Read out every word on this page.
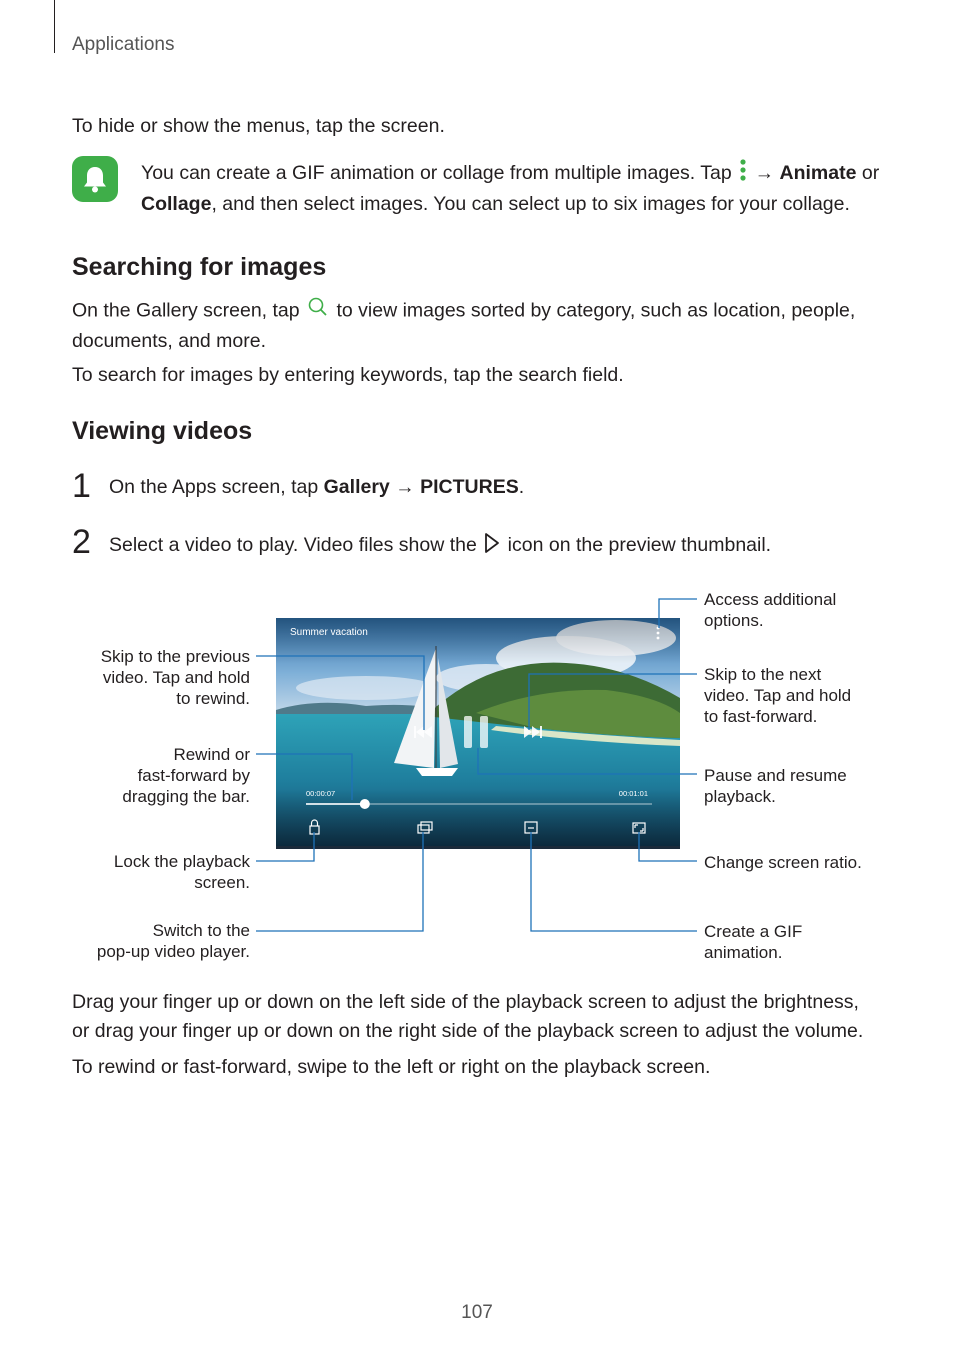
Applications
To hide or show the menus, tap the screen.
You can create a GIF animation or collage from multiple images. Tap  → Animate or
Collage, and then select images. You can select up to six images for your collage.
Searching for images
On the Gallery screen, tap  to view images sorted by category, such as location, people,
documents, and more.
To search for images by entering keywords, tap the search field.
Viewing videos
1 On the Apps screen, tap Gallery → PICTURES.
2 Select a video to play. Video files show the  icon on the preview thumbnail.
Summer vacation
00:00:07	00:01:01
Access additional
options.
Skip to the previous
video. Tap and hold
to rewind.
Skip to the next
video. Tap and hold
to fast-forward.
Rewind or
fast-forward by
dragging the bar.
Pause and resume
playback.
Lock the playback
screen.
Change screen ratio.
Switch to the
pop-up video player.
Create a GIF
animation.
Drag your finger up or down on the left side of the playback screen to adjust the brightness,
or drag your finger up or down on the right side of the playback screen to adjust the volume.
To rewind or fast-forward, swipe to the left or right on the playback screen.
107
